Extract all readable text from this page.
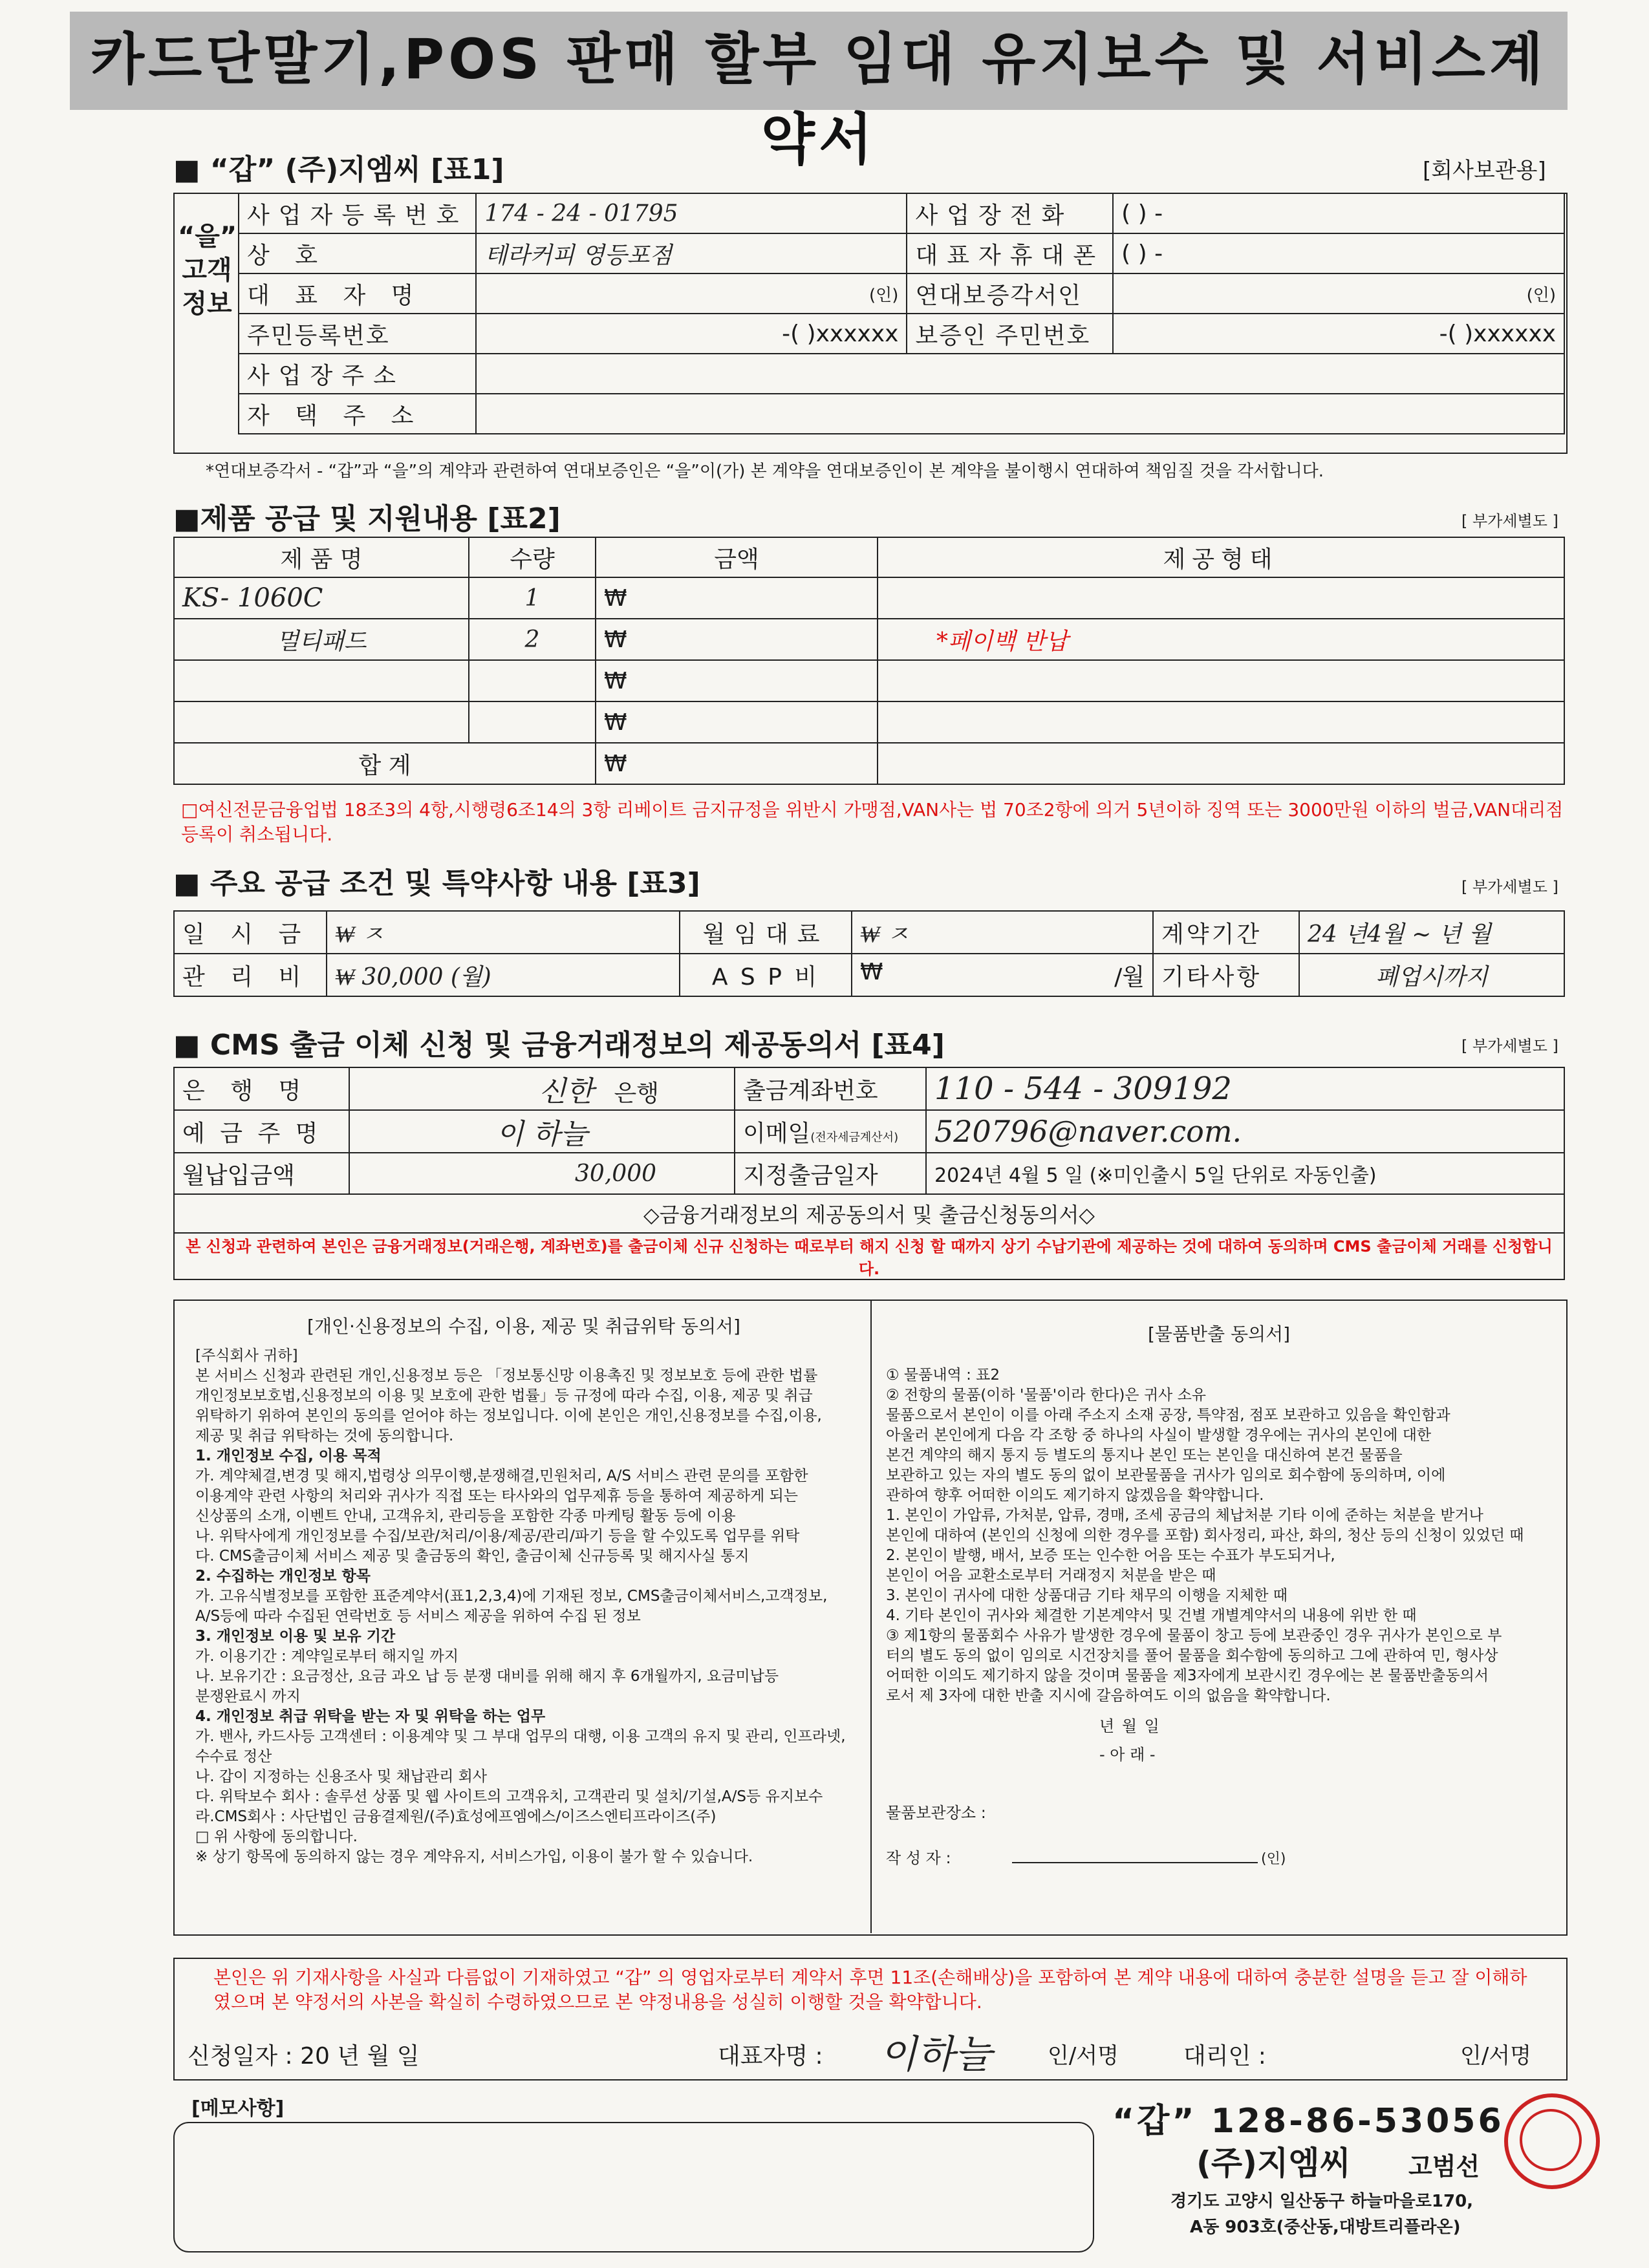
카드단말기,POS 판매 할부 임대 유지보수 및 서비스계약서
■ “갑” (주)지엠씨 [표1]	[회사보관용]
“을” 고객정보
사업자등록번호	174 - 24 - 01795	사업장전화	( ) -
상 호	테라커피 영등포점	대표자휴대폰	( ) -
대 표 자 명	(인)	연대보증각서인	(인)
주민등록번호	-( )xxxxxx	보증인 주민번호	-( )xxxxxx
사업장주소			
자 택 주 소			
*연대보증각서 - “갑”과 “을”의 계약과 관련하여 연대보증인은 “을”이(가) 본 계약을 연대보증인이 본 계약을 불이행시 연대하여 책임질 것을 각서합니다.
■제품 공급 및 지원내용 [표2]	[ 부가세별도 ]
제 품 명	수량	금액	제공형태
KS- 1060C	1	₩	
멀티패드	2	₩	*페이백 반납
		₩	
		₩	
합 계		₩	
□여신전문금융업법 18조3의 4항,시행령6조14의 3항 리베이트 금지규정을 위반시 가맹점,VAN사는 법 70조2항에 의거 5년이하 징역 또는 3000만원 이하의 벌금,VAN대리점 등록이 취소됩니다.
■ 주요 공급 조건 및 특약사항 내용 [표3]	[ 부가세별도 ]
일 시 금	₩ ㅈ	월임대료	₩ ㅈ	계약기간	24 년4월 ~ 년 월
관 리 비	₩ 30,000 (월)	A S P 비	₩ /월	기타사항	폐업시까지
■ CMS 출금 이체 신청 및 금융거래정보의 제공동의서 [표4]	[ 부가세별도 ]
은 행 명	신한 은행	출금계좌번호	110 - 544 - 309192
예 금 주 명	이 하늘	이메일(전자세금계산서)	520796@naver.com.
월납입금액	30,000	지정출금일자	2024년 4월 5 일 (※미인출시 5일 단위로 자동인출)
◇금융거래정보의 제공동의서 및 출금신청동의서◇			
본 신청과 관련하여 본인은 금융거래정보(거래은행, 계좌번호)를 출금이체 신규 신청하는 때로부터 해지 신청 할 때까지 상기 수납기관에 제공하는 것에 대하여 동의하며 CMS 출금이체 거래를 신청합니다.			
[개인·신용정보의 수집, 이용, 제공 및 취급위탁 동의서]
[주식회사 귀하]
본 서비스 신청과 관련된 개인,신용정보 등은 「정보통신망 이용촉진 및 정보보호 등에 관한 법률
개인정보보호법,신용정보의 이용 및 보호에 관한 법률」등 규정에 따라 수집, 이용, 제공 및 취급
위탁하기 위하여 본인의 동의를 얻어야 하는 정보입니다. 이에 본인은 개인,신용정보를 수집,이용,
제공 및 취급 위탁하는 것에 동의합니다.
1. 개인정보 수집, 이용 목적
가. 계약체결,변경 및 해지,법령상 의무이행,분쟁해결,민원처리, A/S 서비스 관련 문의를 포함한
이용계약 관련 사항의 처리와 귀사가 직접 또는 타사와의 업무제휴 등을 통하여 제공하게 되는
신상품의 소개, 이벤트 안내, 고객유치, 관리등을 포함한 각종 마케팅 활동 등에 이용
나. 위탁사에게 개인정보를 수집/보관/처리/이용/제공/관리/파기 등을 할 수있도록 업무를 위탁
다. CMS출금이체 서비스 제공 및 출금동의 확인, 출금이체 신규등록 및 해지사실 통지
2. 수집하는 개인정보 항목
가. 고유식별정보를 포함한 표준계약서(표1,2,3,4)에 기재된 정보, CMS출금이체서비스,고객정보,
A/S등에 따라 수집된 연락번호 등 서비스 제공을 위하여 수집 된 정보
3. 개인정보 이용 및 보유 기간
가. 이용기간 : 계약일로부터 해지일 까지
나. 보유기간 : 요금정산, 요금 과오 납 등 분쟁 대비를 위해 해지 후 6개월까지, 요금미납등
분쟁완료시 까지
4. 개인정보 취급 위탁을 받는 자 및 위탁을 하는 업무
가. 밴사, 카드사등 고객센터 : 이용계약 및 그 부대 업무의 대행, 이용 고객의 유지 및 관리, 인프라넷,
수수료 정산
나. 갑이 지정하는 신용조사 및 채납관리 회사
다. 위탁보수 회사 : 솔루션 상품 및 웹 사이트의 고객유치, 고객관리 및 설치/기설,A/S등 유지보수
라.CMS회사 : 사단법인 금융결제원/(주)효성에프엠에스/이즈스엔티프라이즈(주)
□ 위 사항에 동의합니다.
※ 상기 항목에 동의하지 않는 경우 계약유지, 서비스가입, 이용이 불가 할 수 있습니다.
[물품반출 동의서]
① 물품내역 : 표2
② 전항의 물품(이하 '물품'이라 한다)은 귀사 소유
물품으로서 본인이 이를 아래 주소지 소재 공장, 특약점, 점포 보관하고 있음을 확인함과
아울러 본인에게 다음 각 조항 중 하나의 사실이 발생할 경우에는 귀사의 본인에 대한
본건 계약의 해지 통지 등 별도의 통지나 본인 또는 본인을 대신하여 본건 물품을
보관하고 있는 자의 별도 동의 없이 보관물품을 귀사가 임의로 회수함에 동의하며, 이에
관하여 향후 어떠한 이의도 제기하지 않겠음을 확약합니다.
1. 본인이 가압류, 가처분, 압류, 경매, 조세 공금의 체납처분 기타 이에 준하는 처분을 받거나
본인에 대하여 (본인의 신청에 의한 경우를 포함) 회사정리, 파산, 화의, 청산 등의 신청이 있었던 때
2. 본인이 발행, 배서, 보증 또는 인수한 어음 또는 수표가 부도되거나,
본인이 어음 교환소로부터 거래정지 처분을 받은 때
3. 본인이 귀사에 대한 상품대금 기타 채무의 이행을 지체한 때
4. 기타 본인이 귀사와 체결한 기본계약서 및 건별 개별계약서의 내용에 위반 한 때
③ 제1항의 물품회수 사유가 발생한 경우에 물품이 창고 등에 보관중인 경우 귀사가 본인으로 부
터의 별도 동의 없이 임의로 시건장치를 풀어 물품을 회수함에 동의하고 그에 관하여 민, 형사상
어떠한 이의도 제기하지 않을 것이며 물품을 제3자에게 보관시킨 경우에는 본 물품반출동의서
로서 제 3자에 대한 반출 지시에 갈음하여도 이의 없음을 확약합니다.
년 월 일
- 아 래 -
물품보관장소 :
작 성 자 :	(인)
본인은 위 기재사항을 사실과 다름없이 기재하였고 “갑” 의 영업자로부터 계약서 후면 11조(손해배상)을 포함하여 본 계약 내용에 대하여 충분한 설명을 듣고 잘 이해하였으며 본 약정서의 사본을 확실히 수령하였으므로 본 약정내용을 성실히 이행할 것을 확약합니다.
신청일자 : 20 년 월 일	대표자명 : 이하늘	인/서명	대리인 :	인/서명
[메모사항]	“갑” 128-86-53056
(주)지엠씨 고범선
경기도 고양시 일산동구 하늘마을로170,
A동 903호(중산동,대방트리플라온)
